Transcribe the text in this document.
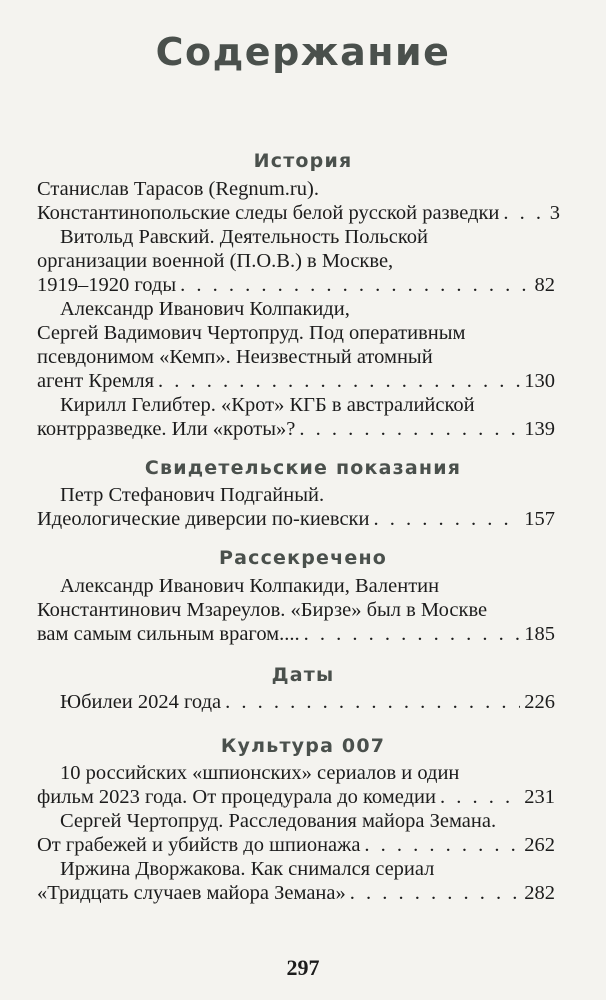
Содержание
История
Станислав Тарасов (Regnum.ru).
Константинопольские следы белой русской разведки . . . 3
Витольд Равский. Деятельность Польской
организации военной (П.О.В.) в Москве,
1919–1920 годы . . .	82
Александр Иванович Колпакиди,
Сергей Вадимович Чертопруд. Под оперативным
псевдонимом «Кемп». Неизвестный атомный
агент Кремля . . .	130
Кирилл Гелибтер. «Крот» КГБ в австралийской
контрразведке. Или «кроты»? . . .	139
Свидетельские показания
Петр Стефанович Подгайный.
Идеологические диверсии по-киевски . . .	157
Рассекречено
Александр Иванович Колпакиди, Валентин
Константинович Мзареулов. «Бирзе» был в Москве
вам самым сильным врагом.... . . .	185
Даты
Юбилеи 2024 года . . .	226
Культура 007
10 российских «шпионских» сериалов и один
фильм 2023 года. От процедурала до комедии . . .	231
Сергей Чертопруд. Расследования майора Земана.
От грабежей и убийств до шпионажа . . .	262
Иржина Дворжакова. Как снимался сериал
«Тридцать случаев майора Земана» . . .	282
297
